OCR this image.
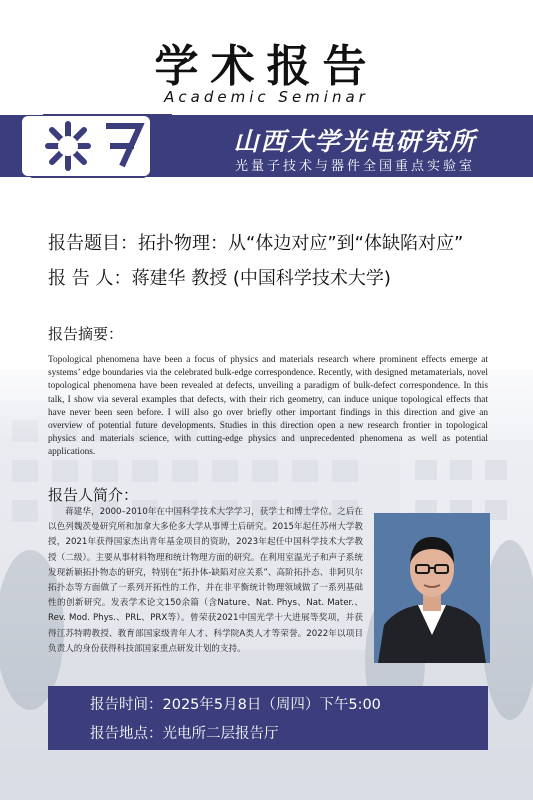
学术报告
Academic Seminar
山西大学光电研究所
光量子技术与器件全国重点实验室
报告题目：拓扑物理：从“体边对应”到“体缺陷对应”
报 告 人：蒋建华 教授 (中国科学技术大学)
报告摘要：
Topological phenomena have been a focus of physics and materials research where prominent effects emerge at systems’ edge boundaries via the celebrated bulk-edge correspondence. Recently, with designed metamaterials, novel topological phenomena have been revealed at defects, unveiling a paradigm of bulk-defect correspondence. In this talk, I show via several examples that defects, with their rich geometry, can induce unique topological effects that have never been seen before. I will also go over briefly other important findings in this direction and give an overview of potential future developments. Studies in this direction open a new research frontier in topological physics and materials science, with cutting-edge physics and unprecedented phenomena as well as potential applications.
报告人简介：
蒋建华，2000–2010年在中国科学技术大学学习，获学士和博士学位。之后在以色列魏茨曼研究所和加拿大多伦多大学从事博士后研究。2015年起任苏州大学教授，2021年获得国家杰出青年基金项目的资助，2023年起任中国科学技术大学教授（二级）。主要从事材料物理和统计物理方面的研究。在利用室温光子和声子系统发现新颖拓扑物态的研究，特别在“拓扑体-缺陷对应关系”、高阶拓扑态、非阿贝尔拓扑态等方面做了一系列开拓性的工作，并在非平衡统计物理领域做了一系列基础性的创新研究。发表学术论文150余篇（含Nature、Nat. Phys、Nat. Mater.、Rev. Mod. Phys.、PRL、PRX等）。曾荣获2021中国光学十大进展等奖项，并获得江苏特聘教授、教育部国家级青年人才、科学院A类人才等荣誉。2022年以项目负责人的身份获得科技部国家重点研发计划的支持。
报告时间：2025年5月8日（周四）下午5:00
报告地点：光电所二层报告厅
